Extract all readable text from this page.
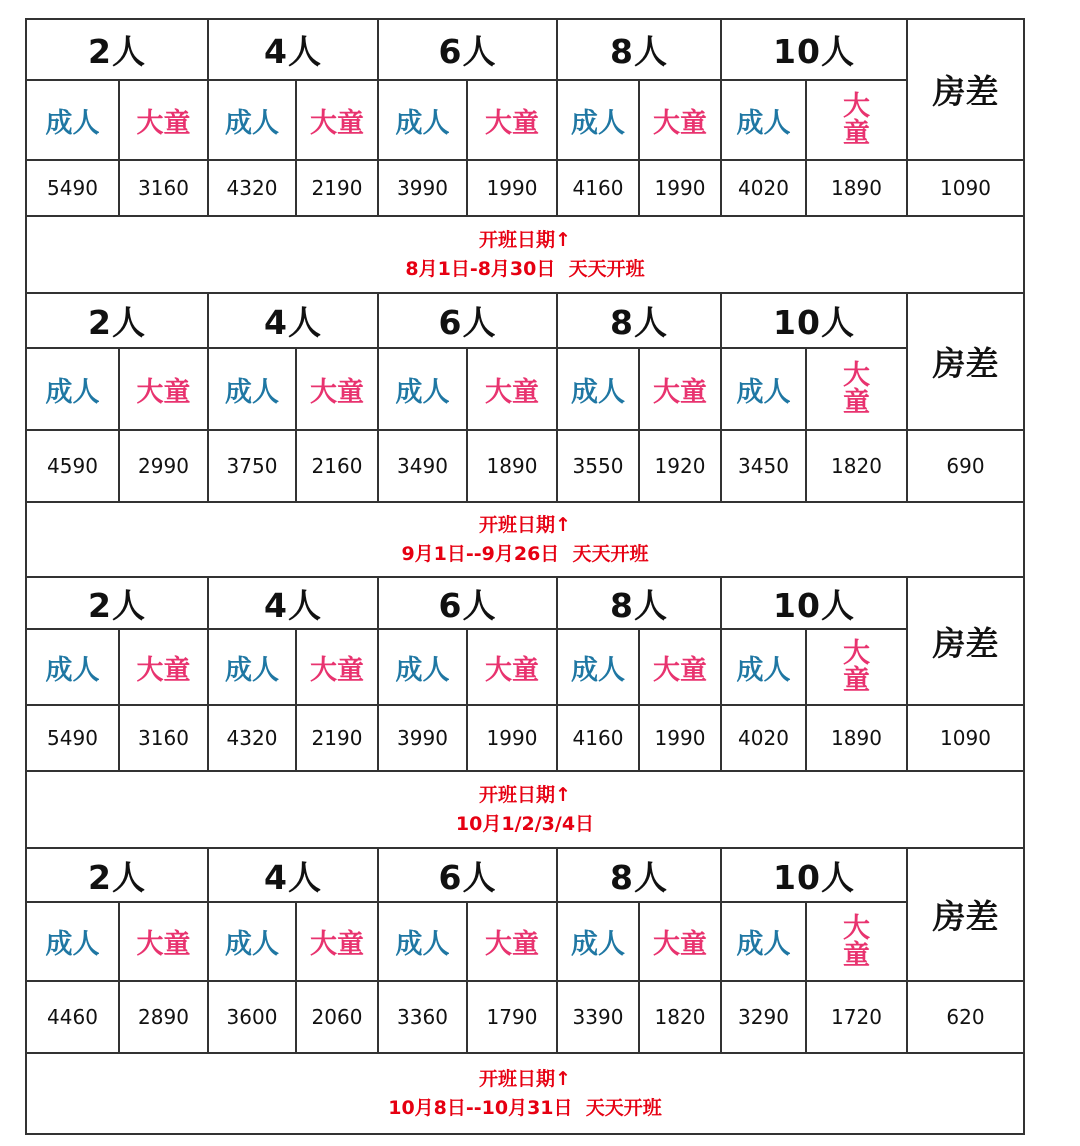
2人		4人		6人		8人		10人		房差
成人	大童	成人	大童	成人	大童	成人	大童	成人	大
童	

5490	3160	4320	2190	3990	1990	4160	1990	4020	1890	1090

开班日期↑
8月1日-8月30日  天天开班										
2人		4人		6人		8人		10人		房差
成人	大童	成人	大童	成人	大童	成人	大童	成人	大
童	

4590	2990	3750	2160	3490	1890	3550	1920	3450	1820	690

开班日期↑
9月1日--9月26日  天天开班										
2人		4人		6人		8人		10人		房差
成人	大童	成人	大童	成人	大童	成人	大童	成人	大
童	

5490	3160	4320	2190	3990	1990	4160	1990	4020	1890	1090

开班日期↑
10月1/2/3/4日										
2人		4人		6人		8人		10人		房差
成人	大童	成人	大童	成人	大童	成人	大童	成人	大
童	

4460	2890	3600	2060	3360	1790	3390	1820	3290	1720	620

开班日期↑
10月8日--10月31日  天天开班										
